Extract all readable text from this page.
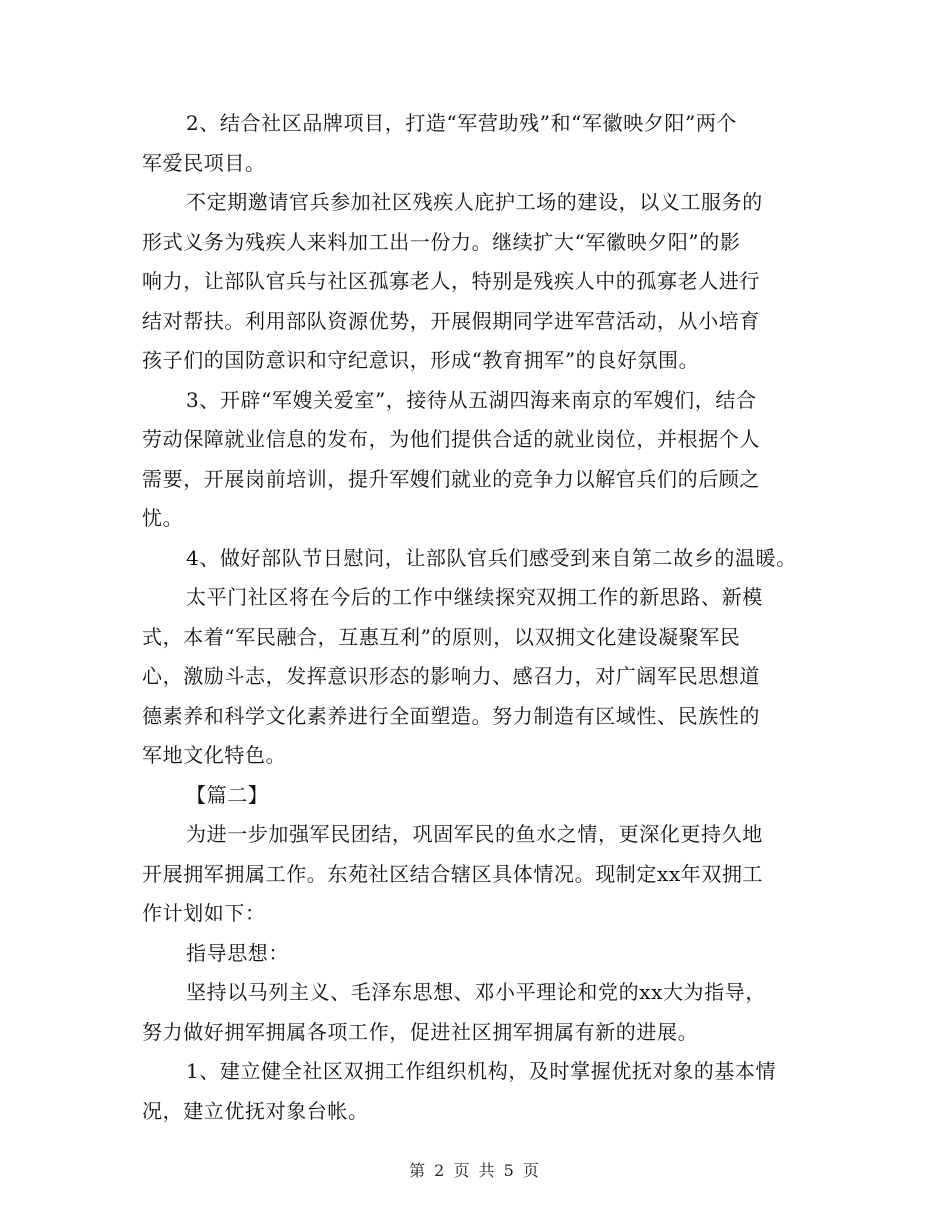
2、结合社区品牌项目，打造“军营助残”和“军徽映夕阳”两个
军爱民项目。
不定期邀请官兵参加社区残疾人庇护工场的建设，以义工服务的
形式义务为残疾人来料加工出一份力。继续扩大“军徽映夕阳”的影
响力，让部队官兵与社区孤寡老人，特别是残疾人中的孤寡老人进行
结对帮扶。利用部队资源优势，开展假期同学进军营活动，从小培育
孩子们的国防意识和守纪意识，形成“教育拥军”的良好氛围。
3、开辟“军嫂关爱室”，接待从五湖四海来南京的军嫂们，结合
劳动保障就业信息的发布，为他们提供合适的就业岗位，并根据个人
需要，开展岗前培训，提升军嫂们就业的竞争力以解官兵们的后顾之
忧。
4、做好部队节日慰问，让部队官兵们感受到来自第二故乡的温暖。
太平门社区将在今后的工作中继续探究双拥工作的新思路、新模
式，本着“军民融合，互惠互利”的原则，以双拥文化建设凝聚军民
心，激励斗志，发挥意识形态的影响力、感召力，对广阔军民思想道
德素养和科学文化素养进行全面塑造。努力制造有区域性、民族性的
军地文化特色。
【篇二】
为进一步加强军民团结，巩固军民的鱼水之情，更深化更持久地
开展拥军拥属工作。东苑社区结合辖区具体情况。现制定xx年双拥工
作计划如下：
指导思想：
坚持以马列主义、毛泽东思想、邓小平理论和党的xx大为指导，
努力做好拥军拥属各项工作，促进社区拥军拥属有新的进展。
1、建立健全社区双拥工作组织机构，及时掌握优抚对象的基本情
况，建立优抚对象台帐。
第 2 页 共 5 页
